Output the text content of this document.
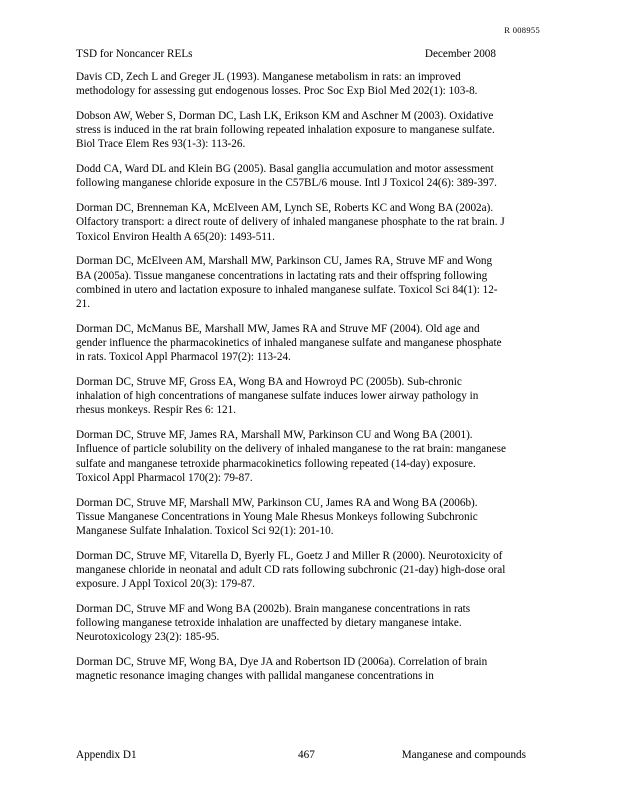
R 008955
TSD for Noncancer RELs	December 2008

Davis CD, Zech L and Greger JL (1993). Manganese metabolism in rats: an improved methodology for assessing gut endogenous losses. Proc Soc Exp Biol Med 202(1): 103-8.

Dobson AW, Weber S, Dorman DC, Lash LK, Erikson KM and Aschner M (2003). Oxidative stress is induced in the rat brain following repeated inhalation exposure to manganese sulfate. Biol Trace Elem Res 93(1-3): 113-26.

Dodd CA, Ward DL and Klein BG (2005). Basal ganglia accumulation and motor assessment following manganese chloride exposure in the C57BL/6 mouse. Intl J Toxicol 24(6): 389-397.

Dorman DC, Brenneman KA, McElveen AM, Lynch SE, Roberts KC and Wong BA (2002a). Olfactory transport: a direct route of delivery of inhaled manganese phosphate to the rat brain. J Toxicol Environ Health A 65(20): 1493-511.

Dorman DC, McElveen AM, Marshall MW, Parkinson CU, James RA, Struve MF and Wong BA (2005a). Tissue manganese concentrations in lactating rats and their offspring following combined in utero and lactation exposure to inhaled manganese sulfate. Toxicol Sci 84(1): 12-21.

Dorman DC, McManus BE, Marshall MW, James RA and Struve MF (2004). Old age and gender influence the pharmacokinetics of inhaled manganese sulfate and manganese phosphate in rats. Toxicol Appl Pharmacol 197(2): 113-24.

Dorman DC, Struve MF, Gross EA, Wong BA and Howroyd PC (2005b). Sub-chronic inhalation of high concentrations of manganese sulfate induces lower airway pathology in rhesus monkeys. Respir Res 6: 121.

Dorman DC, Struve MF, James RA, Marshall MW, Parkinson CU and Wong BA (2001). Influence of particle solubility on the delivery of inhaled manganese to the rat brain: manganese sulfate and manganese tetroxide pharmacokinetics following repeated (14-day) exposure. Toxicol Appl Pharmacol 170(2): 79-87.

Dorman DC, Struve MF, Marshall MW, Parkinson CU, James RA and Wong BA (2006b). Tissue Manganese Concentrations in Young Male Rhesus Monkeys following Subchronic Manganese Sulfate Inhalation. Toxicol Sci 92(1): 201-10.

Dorman DC, Struve MF, Vitarella D, Byerly FL, Goetz J and Miller R (2000). Neurotoxicity of manganese chloride in neonatal and adult CD rats following subchronic (21-day) high-dose oral exposure. J Appl Toxicol 20(3): 179-87.

Dorman DC, Struve MF and Wong BA (2002b). Brain manganese concentrations in rats following manganese tetroxide inhalation are unaffected by dietary manganese intake. Neurotoxicology 23(2): 185-95.

Dorman DC, Struve MF, Wong BA, Dye JA and Robertson ID (2006a). Correlation of brain magnetic resonance imaging changes with pallidal manganese concentrations in

Appendix D1	467	Manganese and compounds
